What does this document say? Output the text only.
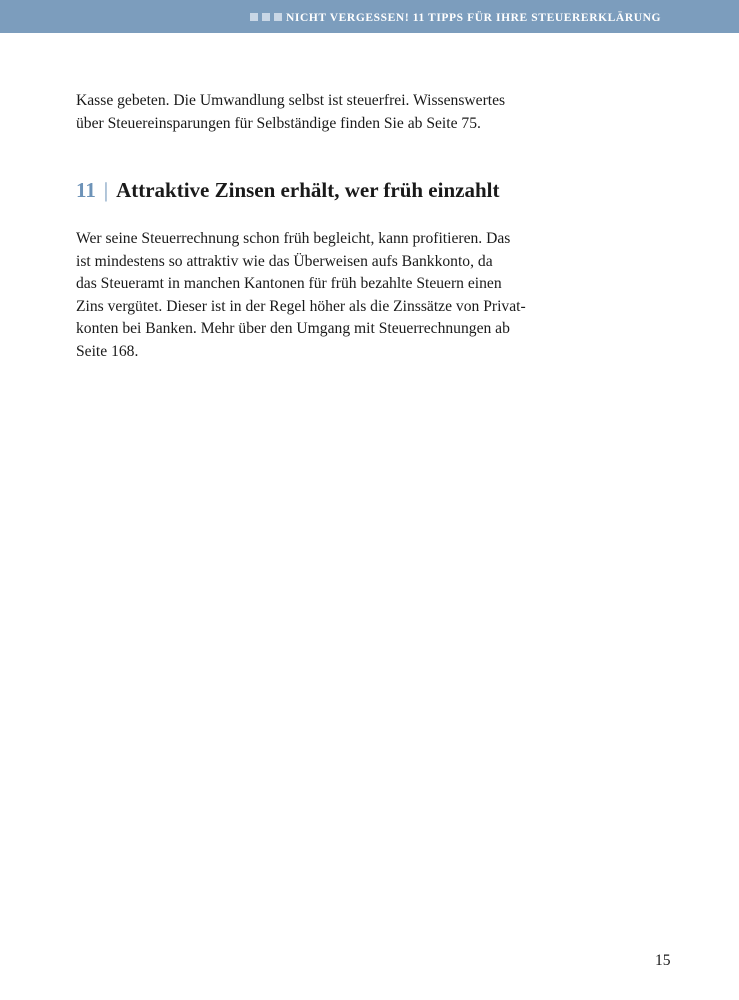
NICHT VERGESSEN! 11 TIPPS FÜR IHRE STEUERERKLÄRUNG
Kasse gebeten. Die Umwandlung selbst ist steuerfrei. Wissenswertes
über Steuereinsparungen für Selbständige finden Sie ab Seite 75.
11 | Attraktive Zinsen erhält, wer früh einzahlt
Wer seine Steuerrechnung schon früh begleicht, kann profitieren. Das
ist mindestens so attraktiv wie das Überweisen aufs Bankkonto, da
das Steueramt in manchen Kantonen für früh bezahlte Steuern einen
Zins vergütet. Dieser ist in der Regel höher als die Zinssätze von Privat-
konten bei Banken. Mehr über den Umgang mit Steuerrechnungen ab
Seite 168.
15
